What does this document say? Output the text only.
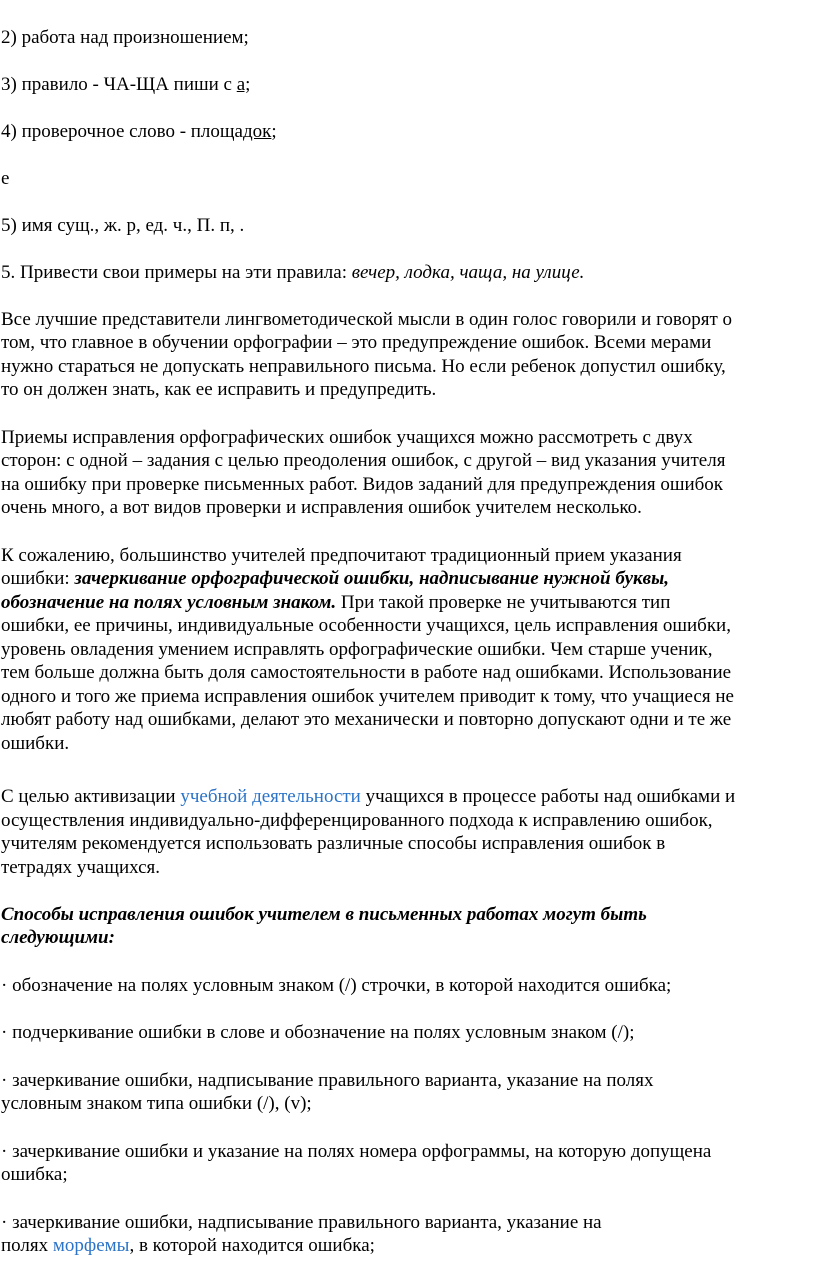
2) работа над произношением;
3) правило - ЧА-ЩА пиши с а;
4) проверочное слово - площадок;
е
5) имя сущ., ж. р, ед. ч., П. п, .
5. Привести свои примеры на эти правила: вечер, лодка, чаща, на улице.
Все лучшие представители лингвометодической мысли в один голос говорили и говорят о
том, что главное в обучении орфографии – это предупреждение ошибок. Всеми мерами
нужно стараться не допускать неправильного письма. Но если ребенок допустил ошибку,
то он должен знать, как ее исправить и предупредить.
Приемы исправления орфографических ошибок учащихся можно рассмотреть с двух
сторон: с одной – задания с целью преодоления ошибок, с другой – вид указания учителя
на ошибку при проверке письменных работ. Видов заданий для предупреждения ошибок
очень много, а вот видов проверки и исправления ошибок учителем несколько.
К сожалению, большинство учителей предпочитают традиционный прием указания
ошибки: зачеркивание орфографической ошибки, надписывание нужной буквы,
обозначение на полях условным знаком. При такой проверке не учитываются тип
ошибки, ее причины, индивидуальные особенности учащихся, цель исправления ошибки,
уровень овладения умением исправлять орфографические ошибки. Чем старше ученик,
тем больше должна быть доля самостоятельности в работе над ошибками. Использование
одного и того же приема исправления ошибок учителем приводит к тому, что учащиеся не
любят работу над ошибками, делают это механически и повторно допускают одни и те же
ошибки.
С целью активизации учебной деятельности учащихся в процессе работы над ошибками и
осуществления индивидуально-дифференцированного подхода к исправлению ошибок,
учителям рекомендуется использовать различные способы исправления ошибок в
тетрадях учащихся.
Способы исправления ошибок учителем в письменных работах могут быть
следующими:
· обозначение на полях условным знаком (/) строчки, в которой находится ошибка;
· подчеркивание ошибки в слове и обозначение на полях условным знаком (/);
· зачеркивание ошибки, надписывание правильного варианта, указание на полях
условным знаком типа ошибки (/), (v);
· зачеркивание ошибки и указание на полях номера орфограммы, на которую допущена
ошибка;
· зачеркивание ошибки, надписывание правильного варианта, указание на
полях морфемы, в которой находится ошибка;
